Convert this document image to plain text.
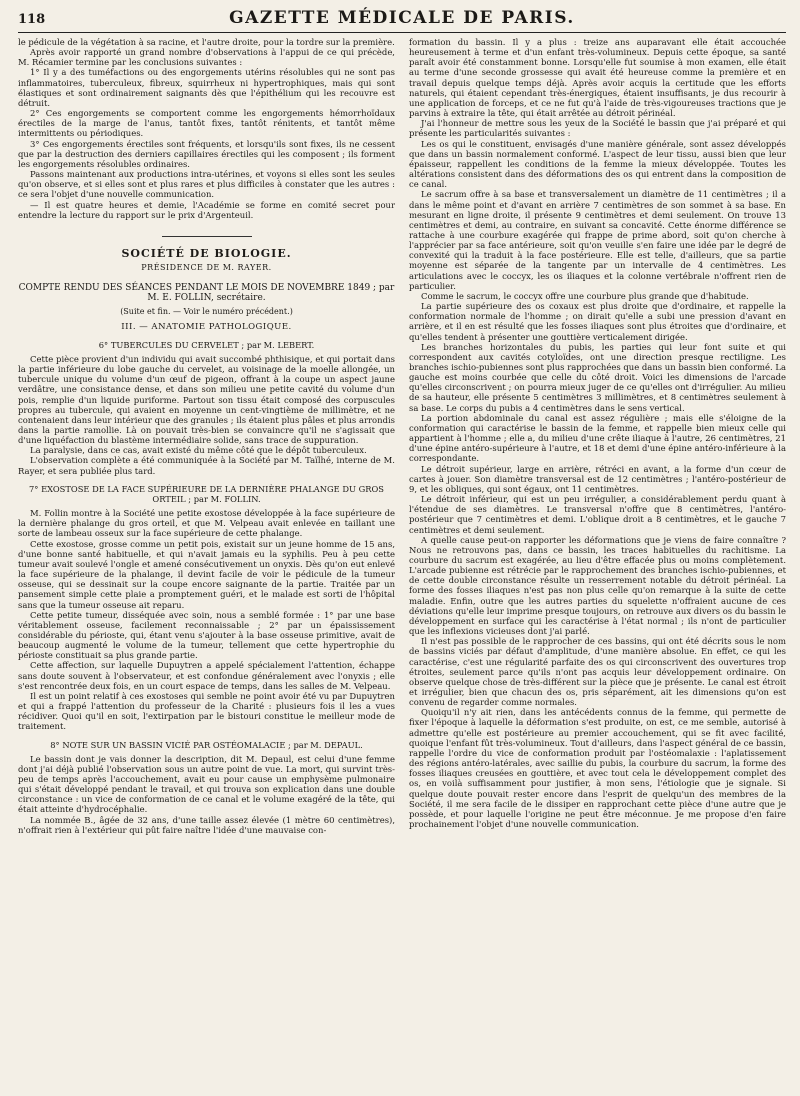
118	GAZETTE MÉDICALE DE PARIS.

le pédicule de la végétation à sa racine, et l'autre droite, pour la tordre sur la première.

Après avoir rapporté un grand nombre d'observations à l'appui de ce qui précède, M. Récamier termine par les conclusions suivantes :

1° Il y a des tuméfactions ou des engorgements utérins résolubles qui ne sont pas inflammatoires, tuberculeux, fibreux, squirrheux ni hypertrophiques, mais qui sont élastiques et sont ordinairement saignants dès que l'épithélium qui les recouvre est détruit.

2° Ces engorgements se comportent comme les engorgements hémorrhoïdaux érectiles de la marge de l'anus, tantôt fixes, tantôt rénitents, et tantôt même intermittents ou périodiques.

3° Ces engorgements érectiles sont fréquents, et lorsqu'ils sont fixes, ils ne cessent que par la destruction des derniers capillaires érectiles qui les composent ; ils forment les engorgements résolubles ordinaires.

Passons maintenant aux productions intra-utérines, et voyons si elles sont les seules qu'on observe, et si elles sont et plus rares et plus difficiles à constater que les autres : ce sera l'objet d'une nouvelle communication.

— Il est quatre heures et demie, l'Académie se forme en comité secret pour entendre la lecture du rapport sur le prix d'Argenteuil.

SOCIÉTÉ DE BIOLOGIE.
PRÉSIDENCE DE M. RAYER.

COMPTE RENDU DES SÉANCES PENDANT LE MOIS DE NOVEMBRE 1849 ; par M. E. FOLLIN, secrétaire.

(Suite et fin. — Voir le numéro précédent.)
III. — ANATOMIE PATHOLOGIQUE.

6° TUBERCULES DU CERVELET ; par M. LEBERT.

Cette pièce provient d'un individu qui avait succombé phthisique, et qui portait dans la partie inférieure du lobe gauche du cervelet, au voisinage de la moelle allongée, un tubercule unique du volume d'un œuf de pigeon, offrant à la coupe un aspect jaune verdâtre, une consistance dense, et dans son milieu une petite cavité du volume d'un pois, remplie d'un liquide puriforme. Partout son tissu était composé des corpuscules propres au tubercule, qui avaient en moyenne un cent-vingtième de millimètre, et ne contenaient dans leur intérieur que des granules ; ils étaient plus pâles et plus arrondis dans la partie ramollie. Là on pouvait très-bien se convaincre qu'il ne s'agissait que d'une liquéfaction du blastème intermédiaire solide, sans trace de suppuration.

La paralysie, dans ce cas, avait existé du même côté que le dépôt tuberculeux.

L'observation complète a été communiquée à la Société par M. Taïlhé, interne de M. Rayer, et sera publiée plus tard.

7° EXOSTOSE DE LA FACE SUPÉRIEURE DE LA DERNIÈRE PHALANGE DU GROS ORTEIL ; par M. FOLLIN.

M. Follin montre à la Société une petite exostose développée à la face supérieure de la dernière phalange du gros orteil, et que M. Velpeau avait enlevée en taillant une sorte de lambeau osseux sur la face supérieure de cette phalange.

Cette exostose, grosse comme un petit pois, existait sur un jeune homme de 15 ans, d'une bonne santé habituelle, et qui n'avait jamais eu la syphilis. Peu à peu cette tumeur avait soulevé l'ongle et amené consécutivement un onyxis. Dès qu'on eut enlevé la face supérieure de la phalange, il devint facile de voir le pédicule de la tumeur osseuse, qui se dessinait sur la coupe encore saignante de la partie. Traitée par un pansement simple cette plaie a promptement guéri, et le malade est sorti de l'hôpital sans que la tumeur osseuse ait reparu.

Cette petite tumeur, disséquée avec soin, nous a semblé formée : 1° par une base véritablement osseuse, facilement reconnaissable ; 2° par un épaississement considérable du périoste, qui, étant venu s'ajouter à la base osseuse primitive, avait de beaucoup augmenté le volume de la tumeur, tellement que cette hypertrophie du périoste constituait sa plus grande partie.

Cette affection, sur laquelle Dupuytren a appelé spécialement l'attention, échappe sans doute souvent à l'observateur, et est confondue généralement avec l'onyxis ; elle s'est rencontrée deux fois, en un court espace de temps, dans les salles de M. Velpeau.

Il est un point relatif à ces exostoses qui semble ne point avoir été vu par Dupuytren et qui a frappé l'attention du professeur de la Charité : plusieurs fois il les a vues récidiver. Quoi qu'il en soit, l'extirpation par le bistouri constitue le meilleur mode de traitement.

8° NOTE SUR UN BASSIN VICIÉ PAR OSTÉOMALACIE ; par M. DEPAUL.

Le bassin dont je vais donner la description, dit M. Depaul, est celui d'une femme dont j'ai déjà publié l'observation sous un autre point de vue. La mort, qui survint très-peu de temps après l'accouchement, avait eu pour cause un emphysème pulmonaire qui s'était développé pendant le travail, et qui trouva son explication dans une double circonstance : un vice de conformation de ce canal et le volume exagéré de la tête, qui était atteinte d'hydrocéphalie.

La nommée B., âgée de 32 ans, d'une taille assez élevée (1 mètre 60 centimètres), n'offrait rien à l'extérieur qui pût faire naître l'idée d'une mauvaise con-

formation du bassin. Il y a plus : treize ans auparavant elle était accouchée heureusement à terme et d'un enfant très-volumineux. Depuis cette époque, sa santé paraît avoir été constamment bonne. Lorsqu'elle fut soumise à mon examen, elle était au terme d'une seconde grossesse qui avait été heureuse comme la première et en travail depuis quelque temps déjà. Après avoir acquis la certitude que les efforts naturels, qui étaient cependant très-énergiques, étaient insuffisants, je dus recourir à une application de forceps, et ce ne fut qu'à l'aide de très-vigoureuses tractions que je parvins à extraire la tête, qui était arrêtée au détroit périnéal.

J'ai l'honneur de mettre sous les yeux de la Société le bassin que j'ai préparé et qui présente les particularités suivantes :

Les os qui le constituent, envisagés d'une manière générale, sont assez développés que dans un bassin normalement conformé. L'aspect de leur tissu, aussi bien que leur épaisseur, rappellent les conditions de la femme la mieux développée. Toutes les altérations consistent dans des déformations des os qui entrent dans la composition de ce canal.

Le sacrum offre à sa base et transversalement un diamètre de 11 centimètres ; il a dans le même point et d'avant en arrière 7 centimètres de son sommet à sa base. En mesurant en ligne droite, il présente 9 centimètres et demi seulement. On trouve 13 centimètres et demi, au contraire, en suivant sa concavité. Cette énorme différence se rattache à une courbure exagérée qui frappe de prime abord, soit qu'on cherche à l'apprécier par sa face antérieure, soit qu'on veuille s'en faire une idée par le degré de convexité qui la traduit à la face postérieure. Elle est telle, d'ailleurs, que sa partie moyenne est séparée de la tangente par un intervalle de 4 centimètres. Les articulations avec le coccyx, les os iliaques et la colonne vertébrale n'offrent rien de particulier.

Comme le sacrum, le coccyx offre une courbure plus grande que d'habitude.

La partie supérieure des os coxaux est plus droite que d'ordinaire, et rappelle la conformation normale de l'homme ; on dirait qu'elle a subi une pression d'avant en arrière, et il en est résulté que les fosses iliaques sont plus étroites que d'ordinaire, et qu'elles tendent à présenter une gouttière verticalement dirigée.

Les branches horizontales du pubis, les parties qui leur font suite et qui correspondent aux cavités cotyloïdes, ont une direction presque rectiligne. Les branches ischio-pubiennes sont plus rapprochées que dans un bassin bien conformé. La gauche est moins courbée que celle du côté droit. Voici les dimensions de l'arcade qu'elles circonscrivent ; on pourra mieux juger de ce qu'elles ont d'irrégulier. Au milieu de sa hauteur, elle présente 5 centimètres 3 millimètres, et 8 centimètres seulement à sa base. Le corps du pubis a 4 centimètres dans le sens vertical.

La portion abdominale du canal est assez régulière ; mais elle s'éloigne de la conformation qui caractérise le bassin de la femme, et rappelle bien mieux celle qui appartient à l'homme ; elle a, du milieu d'une crête iliaque à l'autre, 26 centimètres, 21 d'une épine antéro-supérieure à l'autre, et 18 et demi d'une épine antéro-inférieure à la correspondante.

Le détroit supérieur, large en arrière, rétréci en avant, a la forme d'un cœur de cartes à jouer. Son diamètre transversal est de 12 centimètres ; l'antéro-postérieur de 9, et les obliques, qui sont égaux, ont 11 centimètres.

Le détroit inférieur, qui est un peu irrégulier, a considérablement perdu quant à l'étendue de ses diamètres. Le transversal n'offre que 8 centimètres, l'antéro-postérieur que 7 centimètres et demi. L'oblique droit a 8 centimètres, et le gauche 7 centimètres et demi seulement.

A quelle cause peut-on rapporter les déformations que je viens de faire connaître ? Nous ne retrouvons pas, dans ce bassin, les traces habituelles du rachitisme. La courbure du sacrum est exagérée, au lieu d'être effacée plus ou moins complètement. L'arcade pubienne est rétrécie par le rapprochement des branches ischio-pubiennes, et de cette double circonstance résulte un resserrement notable du détroit périnéal. La forme des fosses iliaques n'est pas non plus celle qu'on remarque à la suite de cette maladie. Enfin, outre que les autres parties du squelette n'offraient aucune de ces déviations qu'elle leur imprime presque toujours, on retrouve aux divers os du bassin le développement en surface qui les caractérise à l'état normal ; ils n'ont de particulier que les inflexions vicieuses dont j'ai parlé.

Il n'est pas possible de le rapprocher de ces bassins, qui ont été décrits sous le nom de bassins viciés par défaut d'amplitude, d'une manière absolue. En effet, ce qui les caractérise, c'est une régularité parfaite des os qui circonscrivent des ouvertures trop étroites, seulement parce qu'ils n'ont pas acquis leur développement ordinaire. On observe quelque chose de très-différent sur la pièce que je présente. Le canal est étroit et irrégulier, bien que chacun des os, pris séparément, ait les dimensions qu'on est convenu de regarder comme normales.

Quoiqu'il n'y ait rien, dans les antécédents connus de la femme, qui permette de fixer l'époque à laquelle la déformation s'est produite, on est, ce me semble, autorisé à admettre qu'elle est postérieure au premier accouchement, qui se fit avec facilité, quoique l'enfant fût très-volumineux. Tout d'ailleurs, dans l'aspect général de ce bassin, rappelle l'ordre du vice de conformation produit par l'ostéomalaxie : l'aplatissement des régions antéro-latérales, avec saillie du pubis, la courbure du sacrum, la forme des fosses iliaques creusées en gouttière, et avec tout cela le développement complet des os, en voilà suffisamment pour justifier, à mon sens, l'étiologie que je signale. Si quelque doute pouvait rester encore dans l'esprit de quelqu'un des membres de la Société, il me sera facile de le dissiper en rapprochant cette pièce d'une autre que je possède, et pour laquelle l'origine ne peut être méconnue. Je me propose d'en faire prochainement l'objet d'une nouvelle communication.
